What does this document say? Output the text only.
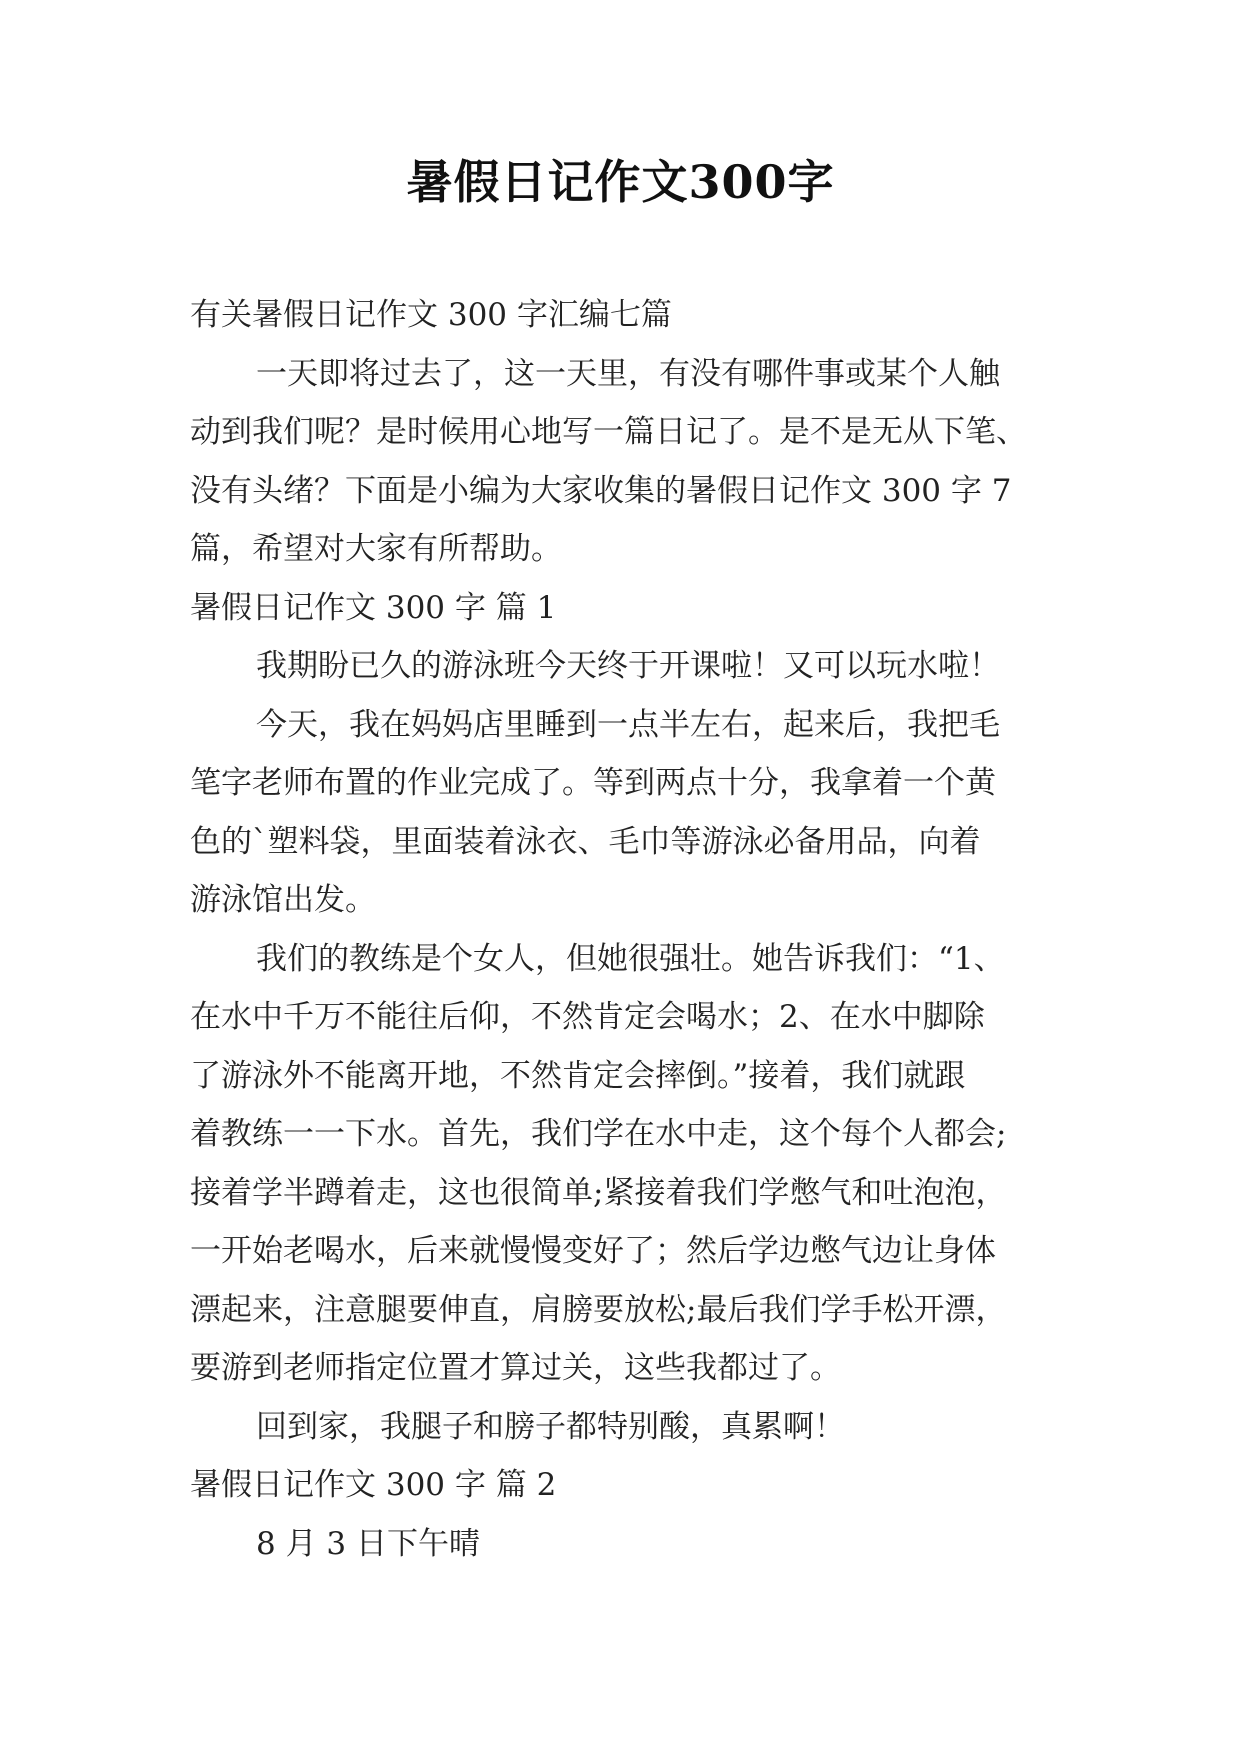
暑假日记作文300字
有关暑假日记作文 300 字汇编七篇
一天即将过去了，这一天里，有没有哪件事或某个人触
动到我们呢？是时候用心地写一篇日记了。是不是无从下笔、
没有头绪？下面是小编为大家收集的暑假日记作文 300 字 7
篇，希望对大家有所帮助。
暑假日记作文 300 字 篇 1
我期盼已久的游泳班今天终于开课啦！又可以玩水啦！
今天，我在妈妈店里睡到一点半左右，起来后，我把毛
笔字老师布置的作业完成了。等到两点十分，我拿着一个黄
色的`塑料袋，里面装着泳衣、毛巾等游泳必备用品，向着
游泳馆出发。
我们的教练是个女人，但她很强壮。她告诉我们：“1、
在水中千万不能往后仰，不然肯定会喝水；2、在水中脚除
了游泳外不能离开地，不然肯定会摔倒。”接着，我们就跟
着教练一一下水。首先，我们学在水中走，这个每个人都会;
接着学半蹲着走，这也很简单;紧接着我们学憋气和吐泡泡，
一开始老喝水，后来就慢慢变好了；然后学边憋气边让身体
漂起来，注意腿要伸直，肩膀要放松;最后我们学手松开漂，
要游到老师指定位置才算过关，这些我都过了。
回到家，我腿子和膀子都特别酸，真累啊！
暑假日记作文 300 字 篇 2
8 月 3 日下午晴
